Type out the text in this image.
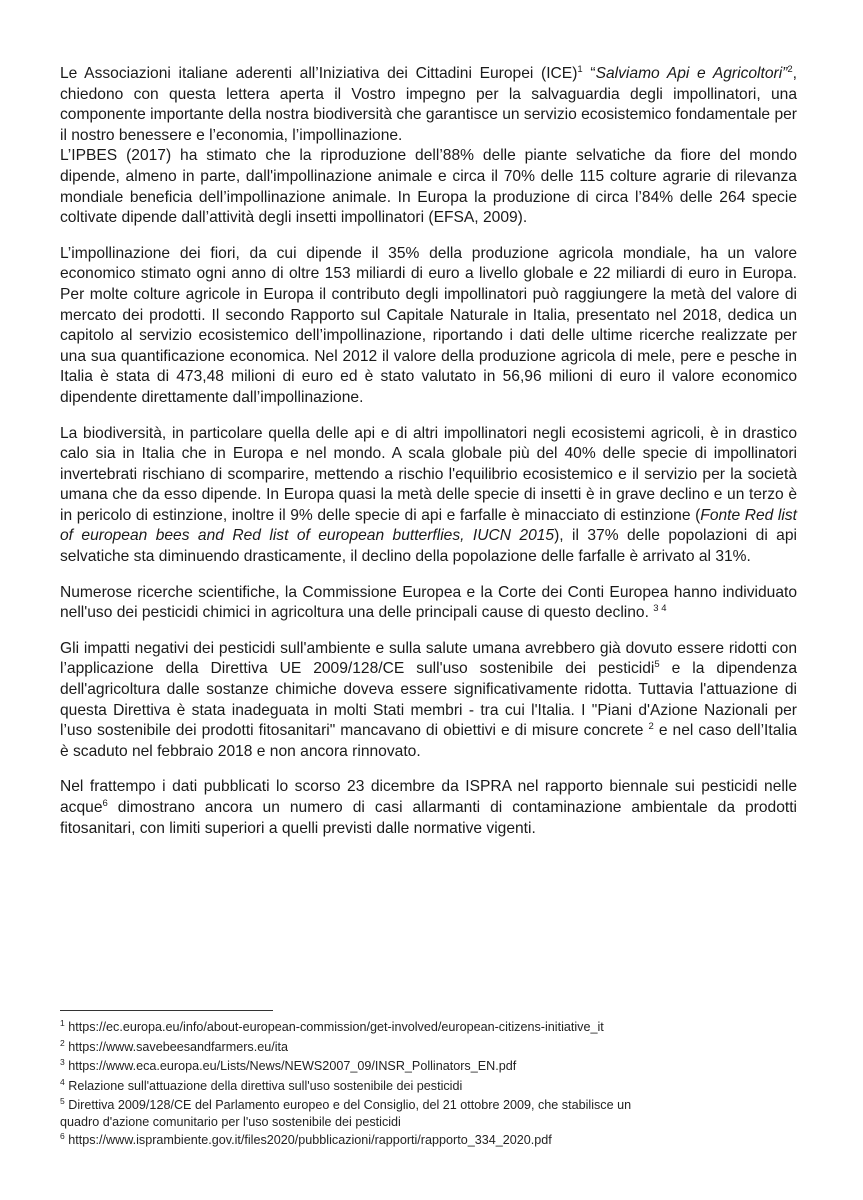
Le Associazioni italiane aderenti all’Iniziativa dei Cittadini Europei (ICE)$^1$ “Salviamo Api e Agricoltori”$^2$, chiedono con questa lettera aperta il Vostro impegno per la salvaguardia degli impollinatori, una componente importante della nostra biodiversità che garantisce un servizio ecosistemico fondamentale per il nostro benessere e l’economia, l’impollinazione.

L’IPBES (2017) ha stimato che la riproduzione dell’88% delle piante selvatiche da fiore del mondo dipende, almeno in parte, dall'impollinazione animale e circa il 70% delle 115 colture agrarie di rilevanza mondiale beneficia dell’impollinazione animale. In Europa la produzione di circa l’84% delle 264 specie coltivate dipende dall’attività degli insetti impollinatori (EFSA, 2009).

L’impollinazione dei fiori, da cui dipende il 35% della produzione agricola mondiale, ha un valore economico stimato ogni anno di oltre 153 miliardi di euro a livello globale e 22 miliardi di euro in Europa. Per molte colture agricole in Europa il contributo degli impollinatori può raggiungere la metà del valore di mercato dei prodotti. Il secondo Rapporto sul Capitale Naturale in Italia, presentato nel 2018, dedica un capitolo al servizio ecosistemico dell’impollinazione, riportando i dati delle ultime ricerche realizzate per una sua quantificazione economica. Nel 2012 il valore della produzione agricola di mele, pere e pesche in Italia è stata di 473,48 milioni di euro ed è stato valutato in 56,96 milioni di euro il valore economico dipendente direttamente dall’impollinazione.

La biodiversità, in particolare quella delle api e di altri impollinatori negli ecosistemi agricoli, è in drastico calo sia in Italia che in Europa e nel mondo. A scala globale più del 40% delle specie di impollinatori invertebrati rischiano di scomparire, mettendo a rischio l'equilibrio ecosistemico e il servizio per la società umana che da esso dipende. In Europa quasi la metà delle specie di insetti è in grave declino e un terzo è in pericolo di estinzione, inoltre il 9% delle specie di api e farfalle è minacciato di estinzione (Fonte Red list of european bees and Red list of european butterflies, IUCN 2015), il 37% delle popolazioni di api selvatiche sta diminuendo drasticamente, il declino della popolazione delle farfalle è arrivato al 31%.

Numerose ricerche scientifiche, la Commissione Europea e la Corte dei Conti Europea hanno individuato nell'uso dei pesticidi chimici in agricoltura una delle principali cause di questo declino. $^{3 4}$

Gli impatti negativi dei pesticidi sull'ambiente e sulla salute umana avrebbero già dovuto essere ridotti con l’applicazione della Direttiva UE 2009/128/CE sull'uso sostenibile dei pesticidi$^5$ e la dipendenza dell'agricoltura dalle sostanze chimiche doveva essere significativamente ridotta. Tuttavia l'attuazione di questa Direttiva è stata inadeguata in molti Stati membri - tra cui l'Italia. I "Piani d'Azione Nazionali per l’uso sostenibile dei prodotti fitosanitari" mancavano di obiettivi e di misure concrete $^2$ e nel caso dell’Italia è scaduto nel febbraio 2018 e non ancora rinnovato.

Nel frattempo i dati pubblicati lo scorso 23 dicembre da ISPRA nel rapporto biennale sui pesticidi nelle acque$^6$ dimostrano ancora un numero di casi allarmanti di contaminazione ambientale da prodotti fitosanitari, con limiti superiori a quelli previsti dalle normative vigenti.

$^1$ https://ec.europa.eu/info/about-european-commission/get-involved/european-citizens-initiative_it
$^2$ https://www.savebeesandfarmers.eu/ita
$^3$ https://www.eca.europa.eu/Lists/News/NEWS2007_09/INSR_Pollinators_EN.pdf
$^4$ Relazione sull'attuazione della direttiva sull'uso sostenibile dei pesticidi
$^5$ Direttiva 2009/128/CE del Parlamento europeo e del Consiglio, del 21 ottobre 2009, che stabilisce un
quadro d'azione comunitario per l'uso sostenibile dei pesticidi
$^6$ https://www.isprambiente.gov.it/files2020/pubblicazioni/rapporti/rapporto_334_2020.pdf
